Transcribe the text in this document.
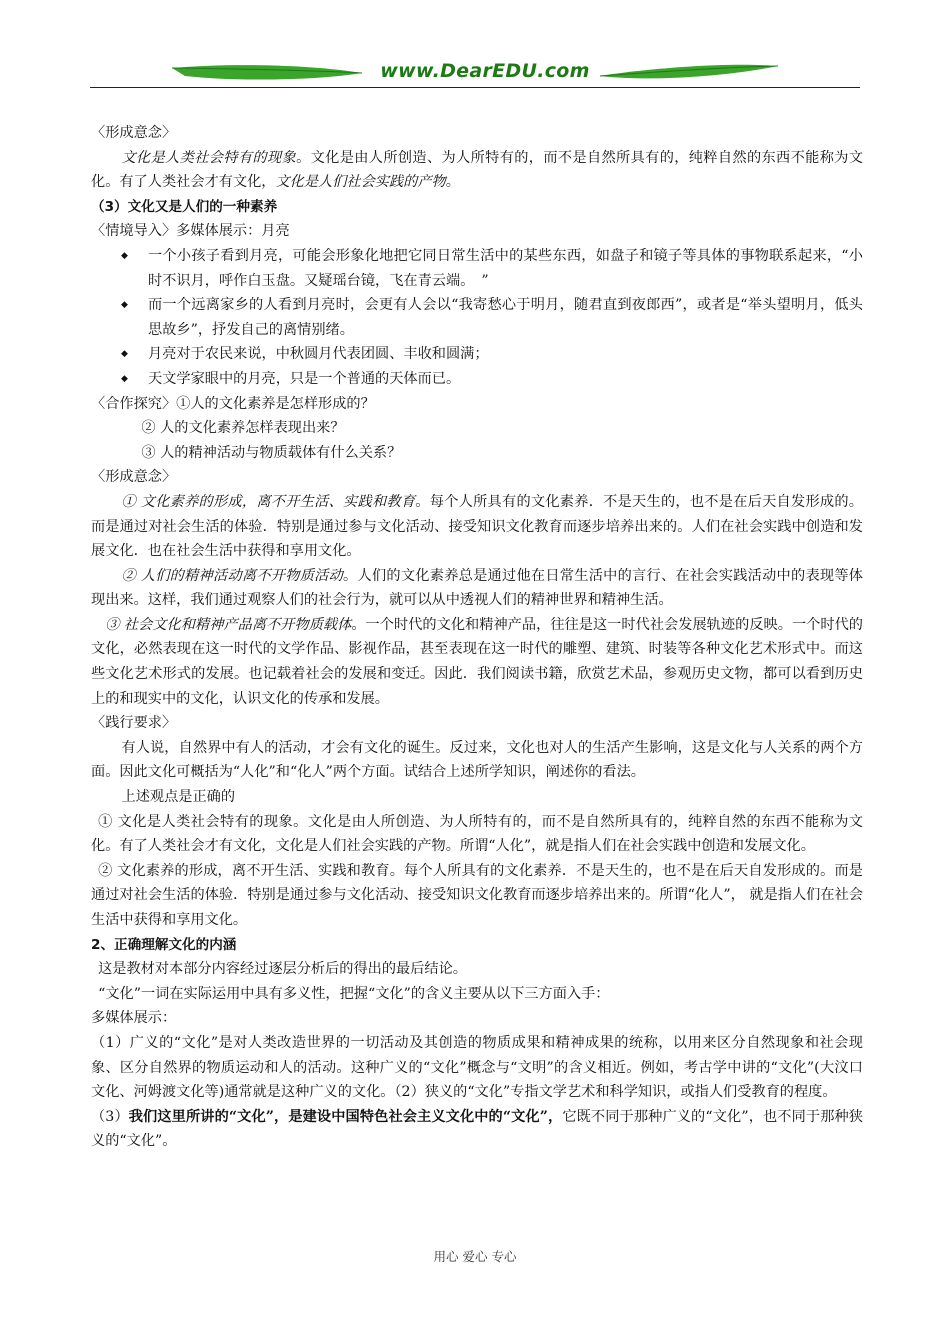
www.DearEDU.com

〈形成意念〉

文化是人类社会特有的现象。文化是由人所创造、为人所特有的，而不是自然所具有的，纯粹自然的东西不能称为文化。有了人类社会才有文化，文化是人们社会实践的产物。

（3）文化又是人们的一种素养

〈情境导入〉多媒体展示：月亮

◆ 一个小孩子看到月亮，可能会形象化地把它同日常生活中的某些东西，如盘子和镜子等具体的事物联系起来，“小时不识月，呼作白玉盘。又疑瑶台镜，飞在青云端。　”
◆ 而一个远离家乡的人看到月亮时，会更有人会以“我寄愁心于明月，随君直到夜郎西”，或者是“举头望明月，低头思故乡”，抒发自己的离情别绪。
◆ 月亮对于农民来说，中秋圆月代表团圆、丰收和圆满；
◆ 天文学家眼中的月亮，只是一个普通的天体而已。

〈合作探究〉①人的文化素养是怎样形成的？

② 人的文化素养怎样表现出来？

③ 人的精神活动与物质载体有什么关系？

〈形成意念〉

① 文化素养的形成，离不开生活、实践和教育。每个人所具有的文化素养．不是天生的，也不是在后天自发形成的。而是通过对社会生活的体验．特别是通过参与文化活动、接受知识文化教育而逐步培养出来的。人们在社会实践中创造和发展文化．也在社会生活中获得和享用文化。

② 人们的精神活动离不开物质活动。人们的文化素养总是通过他在日常生活中的言行、在社会实践活动中的表现等体现出来。这样，我们通过观察人们的社会行为，就可以从中透视人们的精神世界和精神生活。

③ 社会文化和精神产品离不开物质载体。一个时代的文化和精神产品，往往是这一时代社会发展轨迹的反映。一个时代的文化，必然表现在这一时代的文学作品、影视作品，甚至表现在这一时代的雕塑、建筑、时装等各种文化艺术形式中。而这些文化艺术形式的发展。也记载着社会的发展和变迁。因此．我们阅读书籍，欣赏艺术品，参观历史文物，都可以看到历史上的和现实中的文化，认识文化的传承和发展。

〈践行要求〉

有人说，自然界中有人的活动，才会有文化的诞生。反过来，文化也对人的生活产生影响，这是文化与人关系的两个方面。因此文化可概括为“人化”和“化人”两个方面。试结合上述所学知识，阐述你的看法。

上述观点是正确的

① 文化是人类社会特有的现象。文化是由人所创造、为人所特有的，而不是自然所具有的，纯粹自然的东西不能称为文化。有了人类社会才有文化，文化是人们社会实践的产物。所谓“人化”，就是指人们在社会实践中创造和发展文化。

② 文化素养的形成，离不开生活、实践和教育。每个人所具有的文化素养．不是天生的，也不是在后天自发形成的。而是通过对社会生活的体验．特别是通过参与文化活动、接受知识文化教育而逐步培养出来的。所谓“化人”， 就是指人们在社会生活中获得和享用文化。

2、正确理解文化的内涵

这是教材对本部分内容经过逐层分析后的得出的最后结论。

“文化”一词在实际运用中具有多义性，把握“文化”的含义主要从以下三方面入手：

多媒体展示：

（1）广义的“文化”是对人类改造世界的一切活动及其创造的物质成果和精神成果的统称，以用来区分自然现象和社会现象、区分自然界的物质运动和人的活动。这种广义的“文化”概念与“文明”的含义相近。例如，考古学中讲的“文化”(大汶口文化、河姆渡文化等)通常就是这种广义的文化。（2）狭义的“文化”专指文学艺术和科学知识，或指人们受教育的程度。

（3）我们这里所讲的“文化”，是建设中国特色社会主义文化中的“文化”，它既不同于那种广义的“文化”，也不同于那种狭义的“文化”。

用心 爱心 专心
